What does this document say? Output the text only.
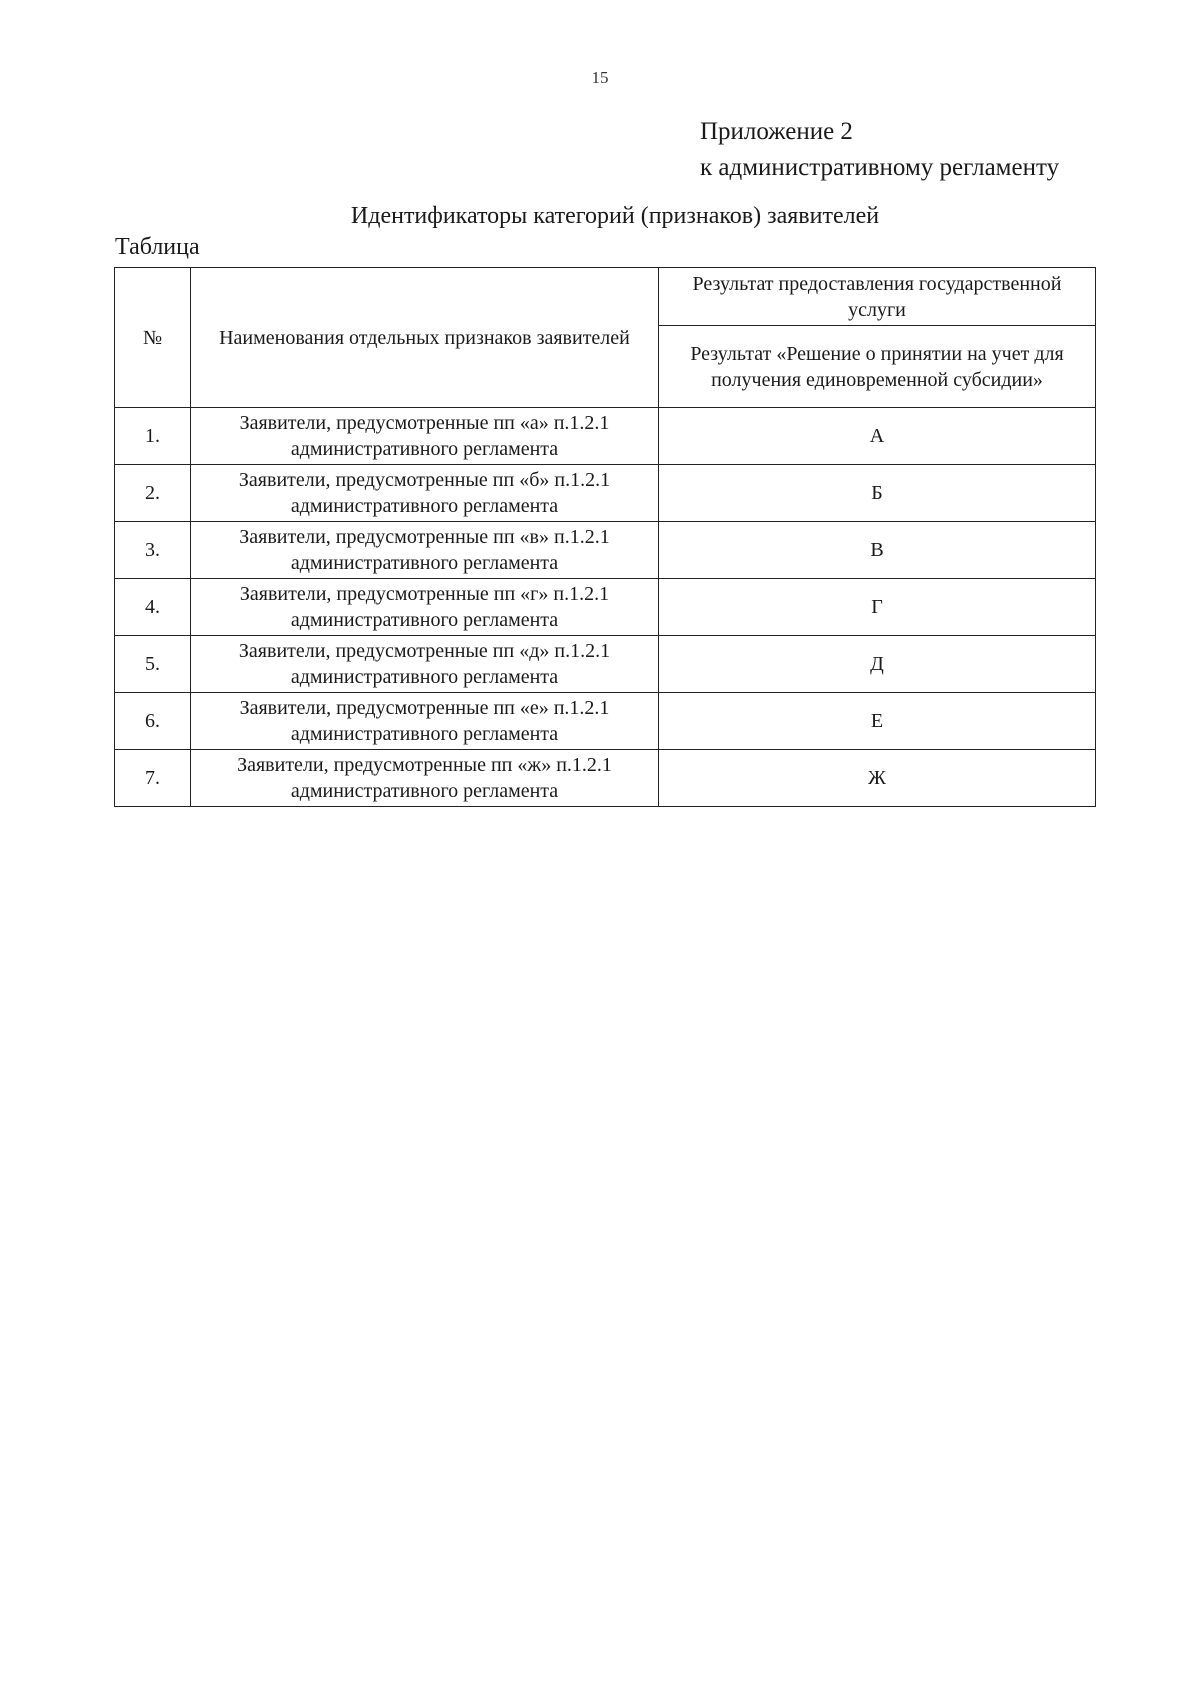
15
Приложение 2
к административному регламенту
Идентификаторы категорий (признаков) заявителей
Таблица
№	Наименования отдельных признаков заявителей	Результат предоставления государственной услуги
		Результат «Решение о принятии на учет для получения единовременной субсидии»
1.	Заявители, предусмотренные пп «а» п.1.2.1 административного регламента	А
2.	Заявители, предусмотренные пп «б» п.1.2.1 административного регламента	Б
3.	Заявители, предусмотренные пп «в» п.1.2.1 административного регламента	В
4.	Заявители, предусмотренные пп «г» п.1.2.1 административного регламента	Г
5.	Заявители, предусмотренные пп «д» п.1.2.1 административного регламента	Д
6.	Заявители, предусмотренные пп «е» п.1.2.1 административного регламента	Е
7.	Заявители, предусмотренные пп «ж» п.1.2.1 административного регламента	Ж
